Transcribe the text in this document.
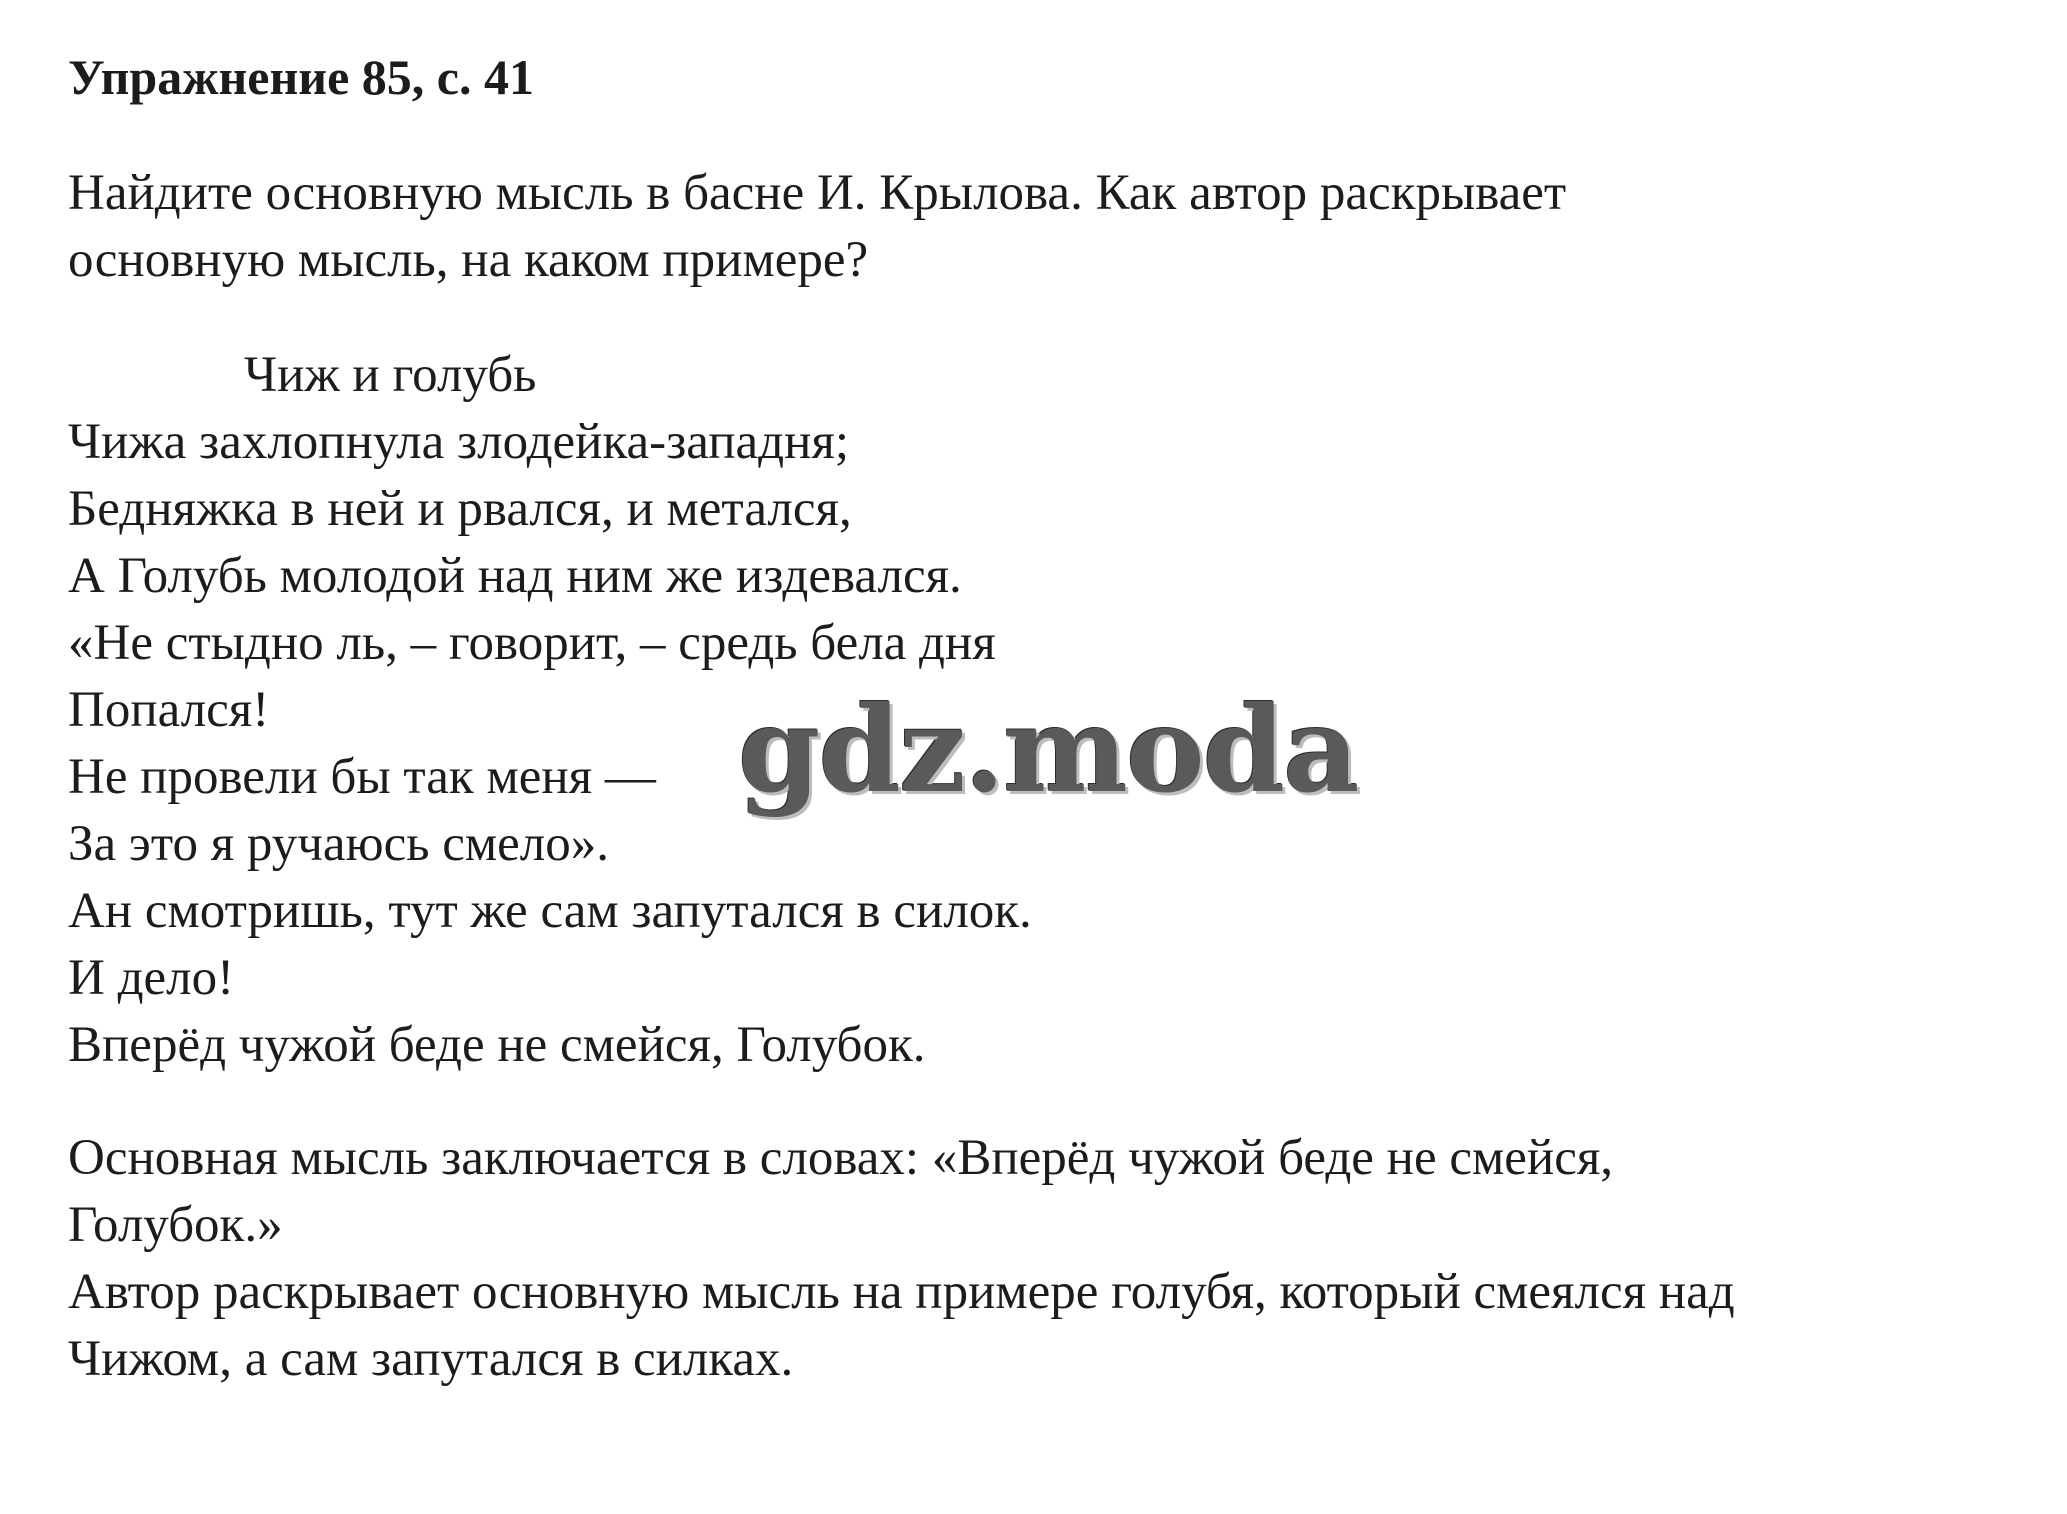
Упражнение 85, с. 41
Найдите основную мысль в басне И. Крылова. Как автор раскрывает
основную мысль, на каком примере?
Чиж и голубь
Чижа захлопнула злодейка-западня;
Бедняжка в ней и рвался, и метался,
А Голубь молодой над ним же издевался.
«Не стыдно ль, – говорит, – средь бела дня
Попался!
Не провели бы так меня —
За это я ручаюсь смело».
Ан смотришь, тут же сам запутался в силок.
И дело!
Вперёд чужой беде не смейся, Голубок.
Основная мысль заключается в словах: «Вперёд чужой беде не смейся,
Голубок.»
Автор раскрывает основную мысль на примере голубя, который смеялся над
Чижом, а сам запутался в силках.
gdz.moda
